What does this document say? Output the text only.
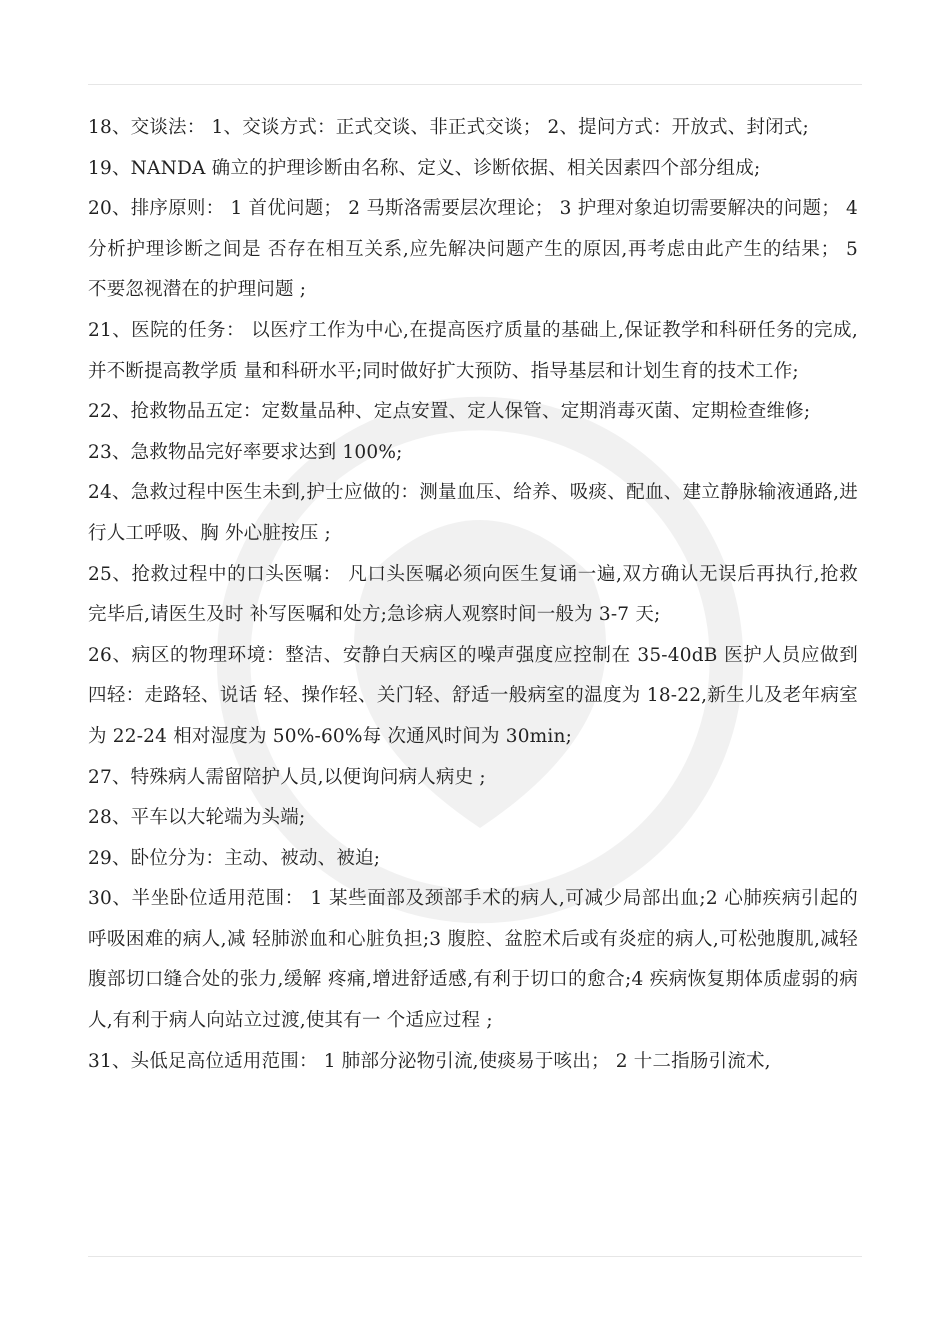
18、交谈法： 1、交谈方式：正式交谈、非正式交谈； 2、提问方式：开放式、封闭式;

19、NANDA 确立的护理诊断由名称、定义、诊断依据、相关因素四个部分组成;

20、排序原则： 1 首优问题； 2 马斯洛需要层次理论； 3 护理对象迫切需要解决的问题； 4 分析护理诊断之间是 否存在相互关系,应先解决问题产生的原因,再考虑由此产生的结果； 5 不要忽视潜在的护理问题 ;

21、医院的任务： 以医疗工作为中心,在提高医疗质量的基础上,保证教学和科研任务的完成,并不断提高教学质 量和科研水平;同时做好扩大预防、指导基层和计划生育的技术工作;

22、抢救物品五定：定数量品种、定点安置、定人保管、定期消毒灭菌、定期检查维修;

23、急救物品完好率要求达到 100%;

24、急救过程中医生未到,护士应做的：测量血压、给养、吸痰、配血、建立静脉输液通路,进行人工呼吸、胸 外心脏按压 ;

25、抢救过程中的口头医嘱： 凡口头医嘱必须向医生复诵一遍,双方确认无误后再执行,抢救完毕后,请医生及时 补写医嘱和处方;急诊病人观察时间一般为 3-7 天;

26、病区的物理环境：整洁、安静白天病区的噪声强度应控制在 35-40dB 医护人员应做到四轻：走路轻、说话 轻、操作轻、关门轻、舒适一般病室的温度为 18-22,新生儿及老年病室为 22-24 相对湿度为 50%-60%每 次通风时间为 30min;

27、特殊病人需留陪护人员,以便询问病人病史 ;

28、平车以大轮端为头端;

29、卧位分为：主动、被动、被迫;

30、半坐卧位适用范围： 1 某些面部及颈部手术的病人,可减少局部出血;2 心肺疾病引起的呼吸困难的病人,减 轻肺淤血和心脏负担;3 腹腔、盆腔术后或有炎症的病人,可松弛腹肌,减轻腹部切口缝合处的张力,缓解 疼痛,增进舒适感,有利于切口的愈合;4 疾病恢复期体质虚弱的病人,有利于病人向站立过渡,使其有一 个适应过程 ;

31、头低足高位适用范围： 1 肺部分泌物引流,使痰易于咳出； 2 十二指肠引流术,
